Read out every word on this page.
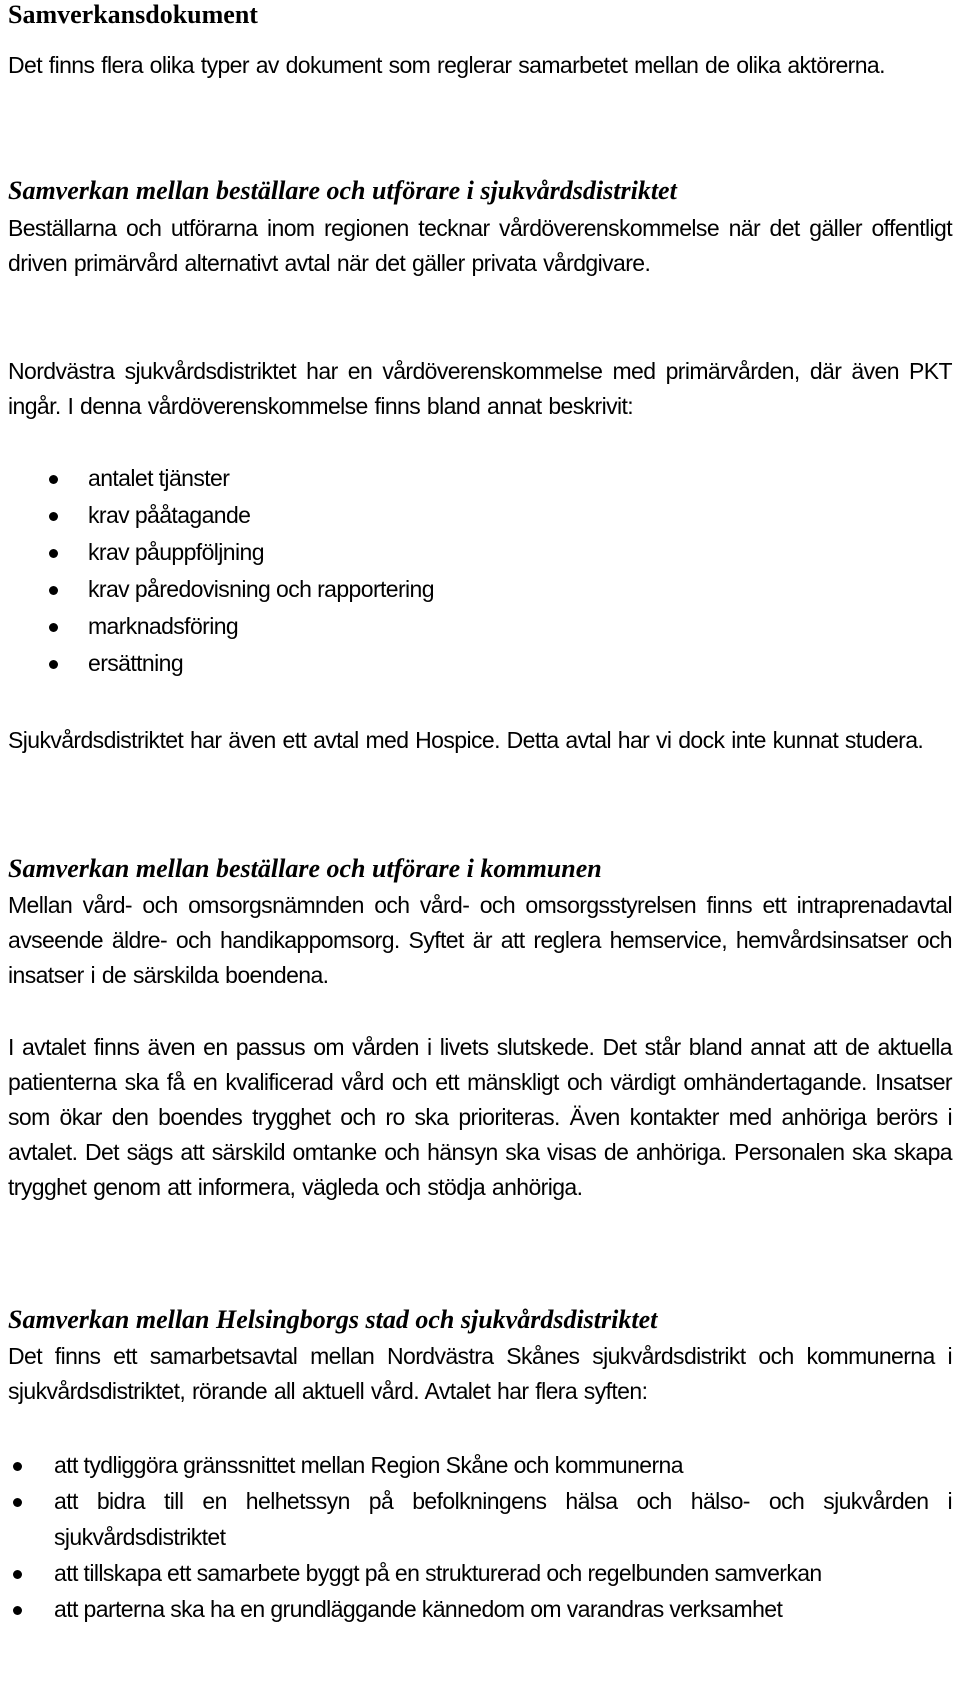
Samverkansdokument

Det finns flera olika typer av dokument som reglerar samarbetet mellan de olika aktörerna.

Samverkan mellan beställare och utförare i sjukvårdsdistriktet

Beställarna och utförarna inom regionen tecknar vårdöverenskommelse när det gäller offentligt driven primärvård alternativt avtal när det gäller privata vårdgivare.

Nordvästra sjukvårdsdistriktet har en vårdöverenskommelse med primärvården, där även PKT ingår. I denna vårdöverenskommelse finns bland annat beskrivit:

antalet tjänster
krav pååtagande
krav påuppföljning
krav påredovisning och rapportering
marknadsföring
ersättning

Sjukvårdsdistriktet har även ett avtal med Hospice. Detta avtal har vi dock inte kunnat studera.

Samverkan mellan beställare och utförare i kommunen

Mellan vård- och omsorgsnämnden och vård- och omsorgsstyrelsen finns ett intraprenadavtal avseende äldre- och handikappomsorg. Syftet är att reglera hemservice, hemvårdsinsatser och insatser i de särskilda boendena.

I avtalet finns även en passus om vården i livets slutskede. Det står bland annat att de aktuella patienterna ska få en kvalificerad vård och ett mänskligt och värdigt omhändertagande. Insatser som ökar den boendes trygghet och ro ska prioriteras. Även kontakter med anhöriga berörs i avtalet. Det sägs att särskild omtanke och hänsyn ska visas de anhöriga. Personalen ska skapa trygghet genom att informera, vägleda och stödja anhöriga.

Samverkan mellan Helsingborgs stad och sjukvårdsdistriktet

Det finns ett samarbetsavtal mellan Nordvästra Skånes sjukvårdsdistrikt och kommunerna i sjukvårdsdistriktet, rörande all aktuell vård. Avtalet har flera syften:

att tydliggöra gränssnittet mellan Region Skåne och kommunerna
att bidra till en helhetssyn på befolkningens hälsa och hälso- och sjukvården i sjukvårdsdistriktet
att tillskapa ett samarbete byggt på en strukturerad och regelbunden samverkan
att parterna ska ha en grundläggande kännedom om varandras verksamhet
